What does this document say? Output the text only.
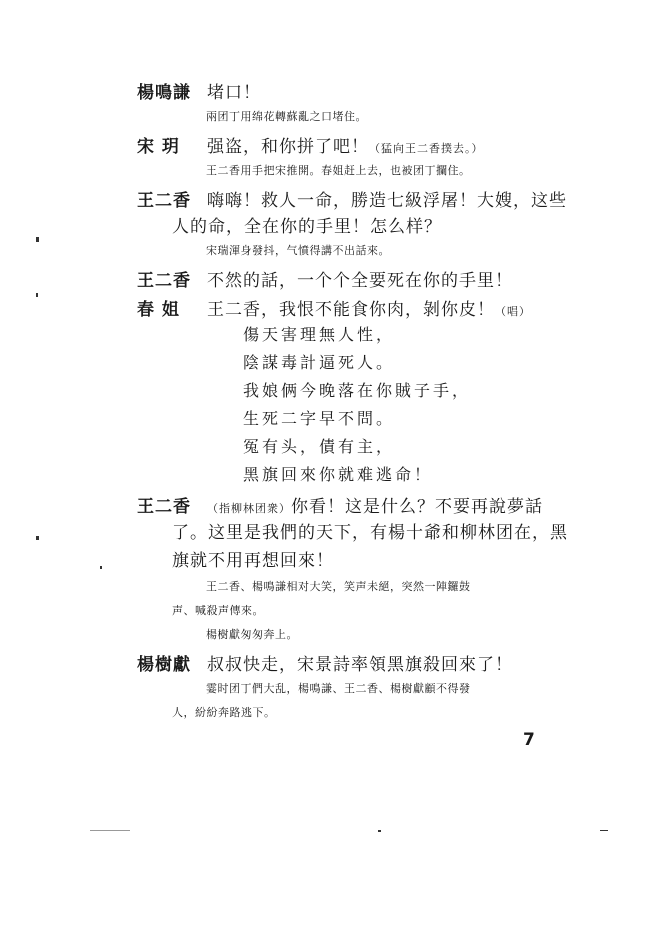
楊鳴謙 堵口！
兩团丁用绵花轉蘇亂之口堵住。
宋 玥 强盗，和你拼了吧！（猛向王二香撲去。）
王二香用手把宋推開。春姐赶上去，也被团丁攔住。
王二香 嗨嗨！救人一命，勝造七級浮屠！大嫂，这些
人的命，全在你的手里！怎么样？
宋瑞渾身發抖，气憤得講不出話來。
王二香 不然的話，一个个全要死在你的手里！
春 姐 王二香，我恨不能食你肉，剝你皮！（唱）
傷天害理無人性，
陰謀毒計逼死人。
我娘俩今晚落在你賊子手，
生死二字早不問。
冤有头，債有主，
黑旗回來你就难逃命！
王二香 （指柳林团衆）你看！这是什么？不要再說夢話
了。这里是我們的天下，有楊十爺和柳林团在，黑
旗就不用再想回來！
王二香、楊鳴謙相对大笑，笑声未絕，突然一陣鑼鼓
声、喊殺声傳來。
楊樹獻匆匆奔上。
楊樹獻 叔叔快走，宋景詩率領黑旗殺回來了！
霎时团丁們大乱，楊鳴謙、王二香、楊樹獻顧不得發
人，紛紛奔路逃下。
7
